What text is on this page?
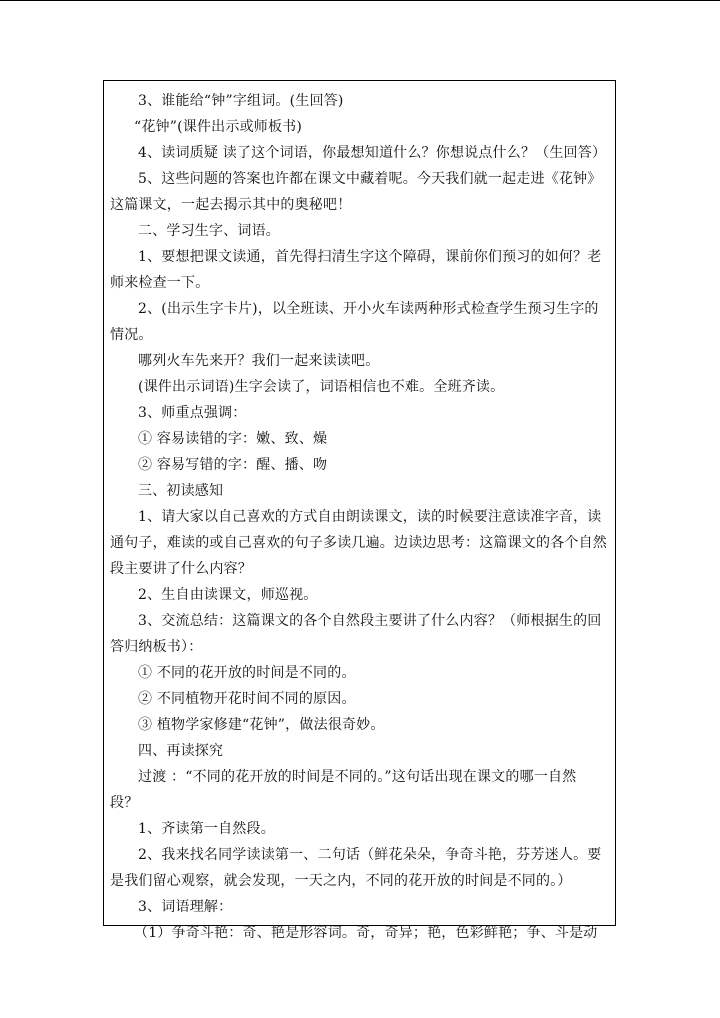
3、谁能给“钟”字组词。(生回答)
“花钟”(课件出示或师板书)
4、读词质疑 读了这个词语，你最想知道什么？你想说点什么？（生回答）
5、这些问题的答案也许都在课文中藏着呢。今天我们就一起走进《花钟》
这篇课文，一起去揭示其中的奥秘吧！
二、学习生字、词语。
1、要想把课文读通，首先得扫清生字这个障碍，课前你们预习的如何？老
师来检查一下。
2、(出示生字卡片)，以全班读、开小火车读两种形式检查学生预习生字的
情况。
哪列火车先来开？我们一起来读读吧。
(课件出示词语)生字会读了，词语相信也不难。全班齐读。
3、师重点强调：
① 容易读错的字：嫩、致、燥
② 容易写错的字：醒、播、吻
三、初读感知
1、请大家以自己喜欢的方式自由朗读课文，读的时候要注意读准字音，读
通句子，难读的或自己喜欢的句子多读几遍。边读边思考：这篇课文的各个自然
段主要讲了什么内容？
2、生自由读课文，师巡视。
3、交流总结：这篇课文的各个自然段主要讲了什么内容？（师根据生的回
答归纳板书）：
① 不同的花开放的时间是不同的。
② 不同植物开花时间不同的原因。
③ 植物学家修建“花钟”，做法很奇妙。
四、再读探究
过渡 ：“不同的花开放的时间是不同的。”这句话出现在课文的哪一自然
段？
1、齐读第一自然段。
2、我来找名同学读读第一、二句话（鲜花朵朵，争奇斗艳，芬芳迷人。要
是我们留心观察，就会发现，一天之内，不同的花开放的时间是不同的。）
3、词语理解：
（1）争奇斗艳：奇、艳是形容词。奇，奇异；艳，色彩鲜艳；争、斗是动
